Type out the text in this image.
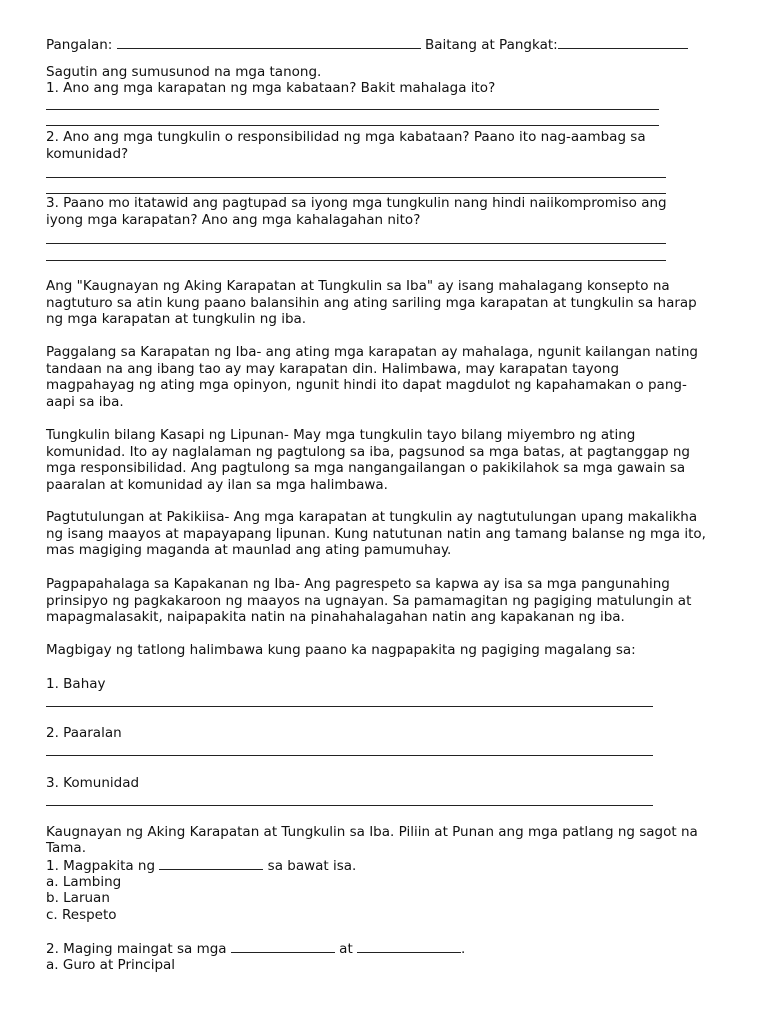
Pangalan:	Baitang at Pangkat:
Sagutin ang sumusunod na mga tanong.
1. Ano ang mga karapatan ng mga kabataan? Bakit mahalaga ito?
2. Ano ang mga tungkulin o responsibilidad ng mga kabataan? Paano ito nag-aambag sa
komunidad?
3. Paano mo itatawid ang pagtupad sa iyong mga tungkulin nang hindi naiikompromiso ang
iyong mga karapatan? Ano ang mga kahalagahan nito?
Ang "Kaugnayan ng Aking Karapatan at Tungkulin sa Iba" ay isang mahalagang konsepto na
nagtuturo sa atin kung paano balansihin ang ating sariling mga karapatan at tungkulin sa harap
ng mga karapatan at tungkulin ng iba.
Paggalang sa Karapatan ng Iba- ang ating mga karapatan ay mahalaga, ngunit kailangan nating
tandaan na ang ibang tao ay may karapatan din. Halimbawa, may karapatan tayong
magpahayag ng ating mga opinyon, ngunit hindi ito dapat magdulot ng kapahamakan o pang-
aapi sa iba.
Tungkulin bilang Kasapi ng Lipunan- May mga tungkulin tayo bilang miyembro ng ating
komunidad. Ito ay naglalaman ng pagtulong sa iba, pagsunod sa mga batas, at pagtanggap ng
mga responsibilidad. Ang pagtulong sa mga nangangailangan o pakikilahok sa mga gawain sa
paaralan at komunidad ay ilan sa mga halimbawa.
Pagtutulungan at Pakikiisa- Ang mga karapatan at tungkulin ay nagtutulungan upang makalikha
ng isang maayos at mapayapang lipunan. Kung natutunan natin ang tamang balanse ng mga ito,
mas magiging maganda at maunlad ang ating pamumuhay.
Pagpapahalaga sa Kapakanan ng Iba- Ang pagrespeto sa kapwa ay isa sa mga pangunahing
prinsipyo ng pagkakaroon ng maayos na ugnayan. Sa pamamagitan ng pagiging matulungin at
mapagmalasakit, naipapakita natin na pinahahalagahan natin ang kapakanan ng iba.
Magbigay ng tatlong halimbawa kung paano ka nagpapakita ng pagiging magalang sa:
1. Bahay
2. Paaralan
3. Komunidad
Kaugnayan ng Aking Karapatan at Tungkulin sa Iba. Piliin at Punan ang mga patlang ng sagot na
Tama.
1. Magpakita ng	sa bawat isa.
a. Lambing
b. Laruan
c. Respeto
2. Maging maingat sa mga	at	.
a. Guro at Principal
